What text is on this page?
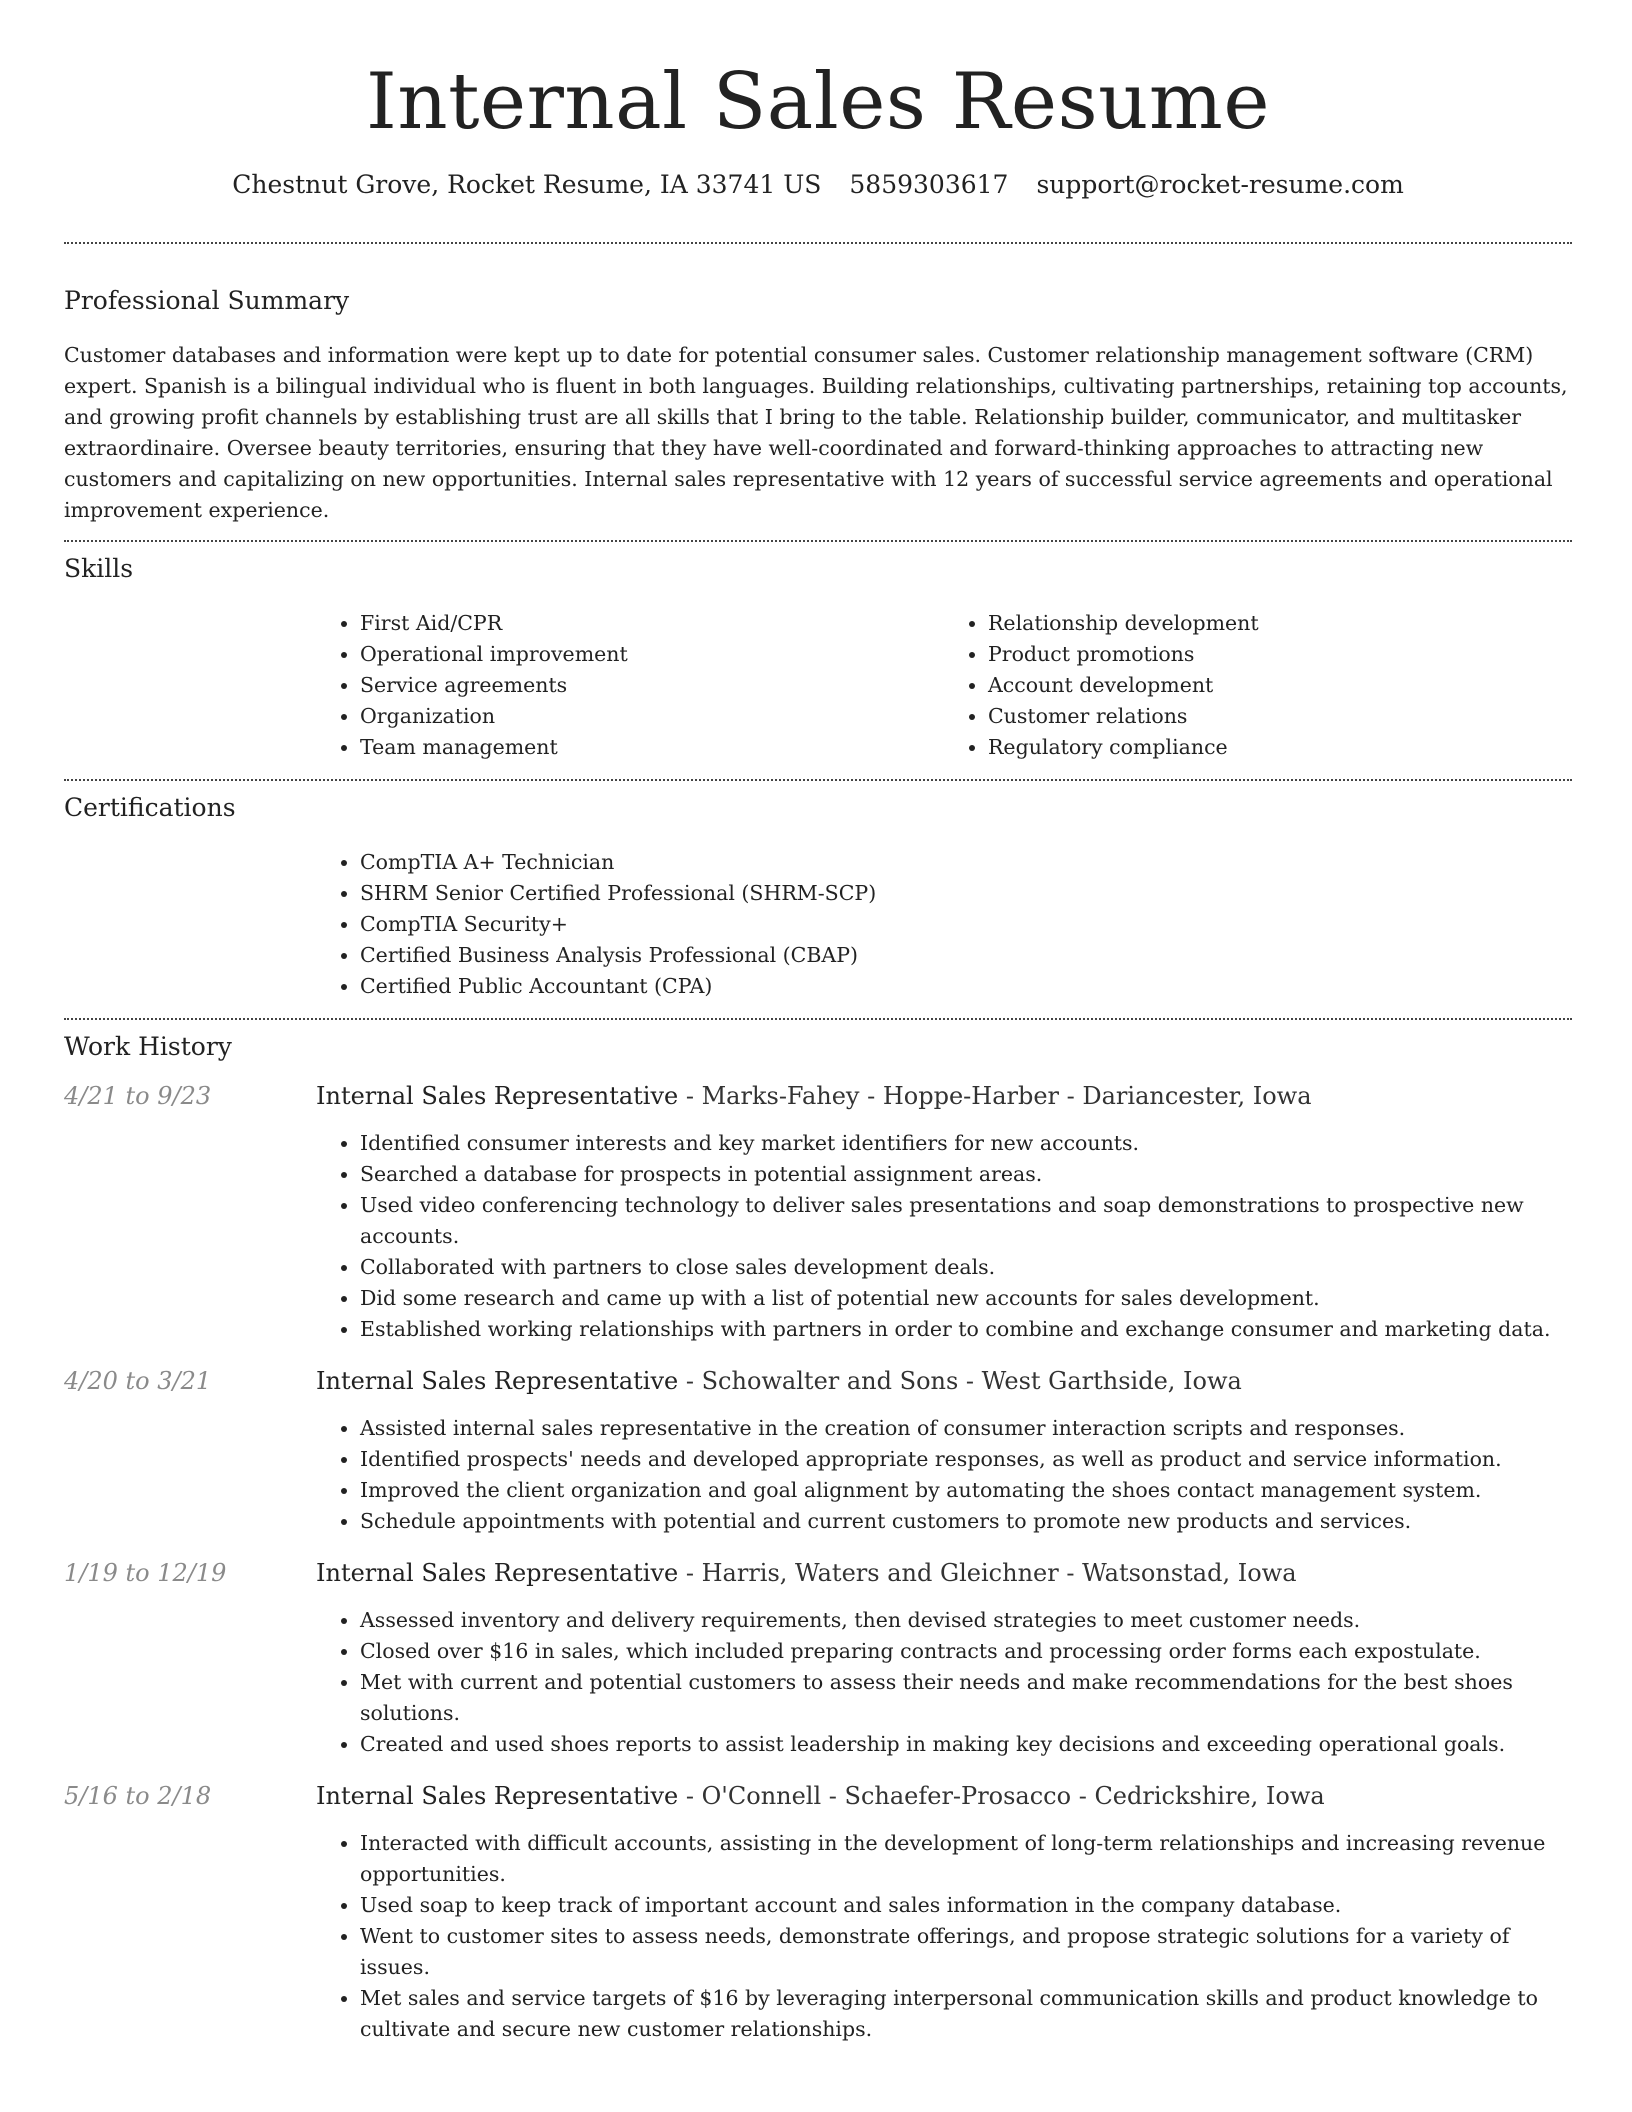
Internal Sales Resume
Chestnut Grove, Rocket Resume, IA 33741 US 5859303617 support@rocket-resume.com
Professional Summary

Customer databases and information were kept up to date for potential consumer sales. Customer relationship management software (CRM) expert. Spanish is a bilingual individual who is fluent in both languages. Building relationships, cultivating partnerships, retaining top accounts, and growing profit channels by establishing trust are all skills that I bring to the table. Relationship builder, communicator, and multitasker extraordinaire. Oversee beauty territories, ensuring that they have well-coordinated and forward-thinking approaches to attracting new customers and capitalizing on new opportunities. Internal sales representative with 12 years of successful service agreements and operational improvement experience.

Skills
• First Aid/CPR
• Operational improvement
• Service agreements
• Organization
• Team management
• Relationship development
• Product promotions
• Account development
• Customer relations
• Regulatory compliance
Certifications
• CompTIA A+ Technician
• SHRM Senior Certified Professional (SHRM-SCP)
• CompTIA Security+
• Certified Business Analysis Professional (CBAP)
• Certified Public Accountant (CPA)
Work History
4/21 to 9/23	Internal Sales Representative - Marks-Fahey - Hoppe-Harber - Dariancester, Iowa
• Identified consumer interests and key market identifiers for new accounts.
• Searched a database for prospects in potential assignment areas.
• Used video conferencing technology to deliver sales presentations and soap demonstrations to prospective new accounts.
• Collaborated with partners to close sales development deals.
• Did some research and came up with a list of potential new accounts for sales development.
• Established working relationships with partners in order to combine and exchange consumer and marketing data.
4/20 to 3/21	Internal Sales Representative - Schowalter and Sons - West Garthside, Iowa
• Assisted internal sales representative in the creation of consumer interaction scripts and responses.
• Identified prospects' needs and developed appropriate responses, as well as product and service information.
• Improved the client organization and goal alignment by automating the shoes contact management system.
• Schedule appointments with potential and current customers to promote new products and services.
1/19 to 12/19	Internal Sales Representative - Harris, Waters and Gleichner - Watsonstad, Iowa
• Assessed inventory and delivery requirements, then devised strategies to meet customer needs.
• Closed over $16 in sales, which included preparing contracts and processing order forms each expostulate.
• Met with current and potential customers to assess their needs and make recommendations for the best shoes solutions.
• Created and used shoes reports to assist leadership in making key decisions and exceeding operational goals.
5/16 to 2/18	Internal Sales Representative - O'Connell - Schaefer-Prosacco - Cedrickshire, Iowa
• Interacted with difficult accounts, assisting in the development of long-term relationships and increasing revenue opportunities.
• Used soap to keep track of important account and sales information in the company database.
• Went to customer sites to assess needs, demonstrate offerings, and propose strategic solutions for a variety of issues.
• Met sales and service targets of $16 by leveraging interpersonal communication skills and product knowledge to cultivate and secure new customer relationships.
